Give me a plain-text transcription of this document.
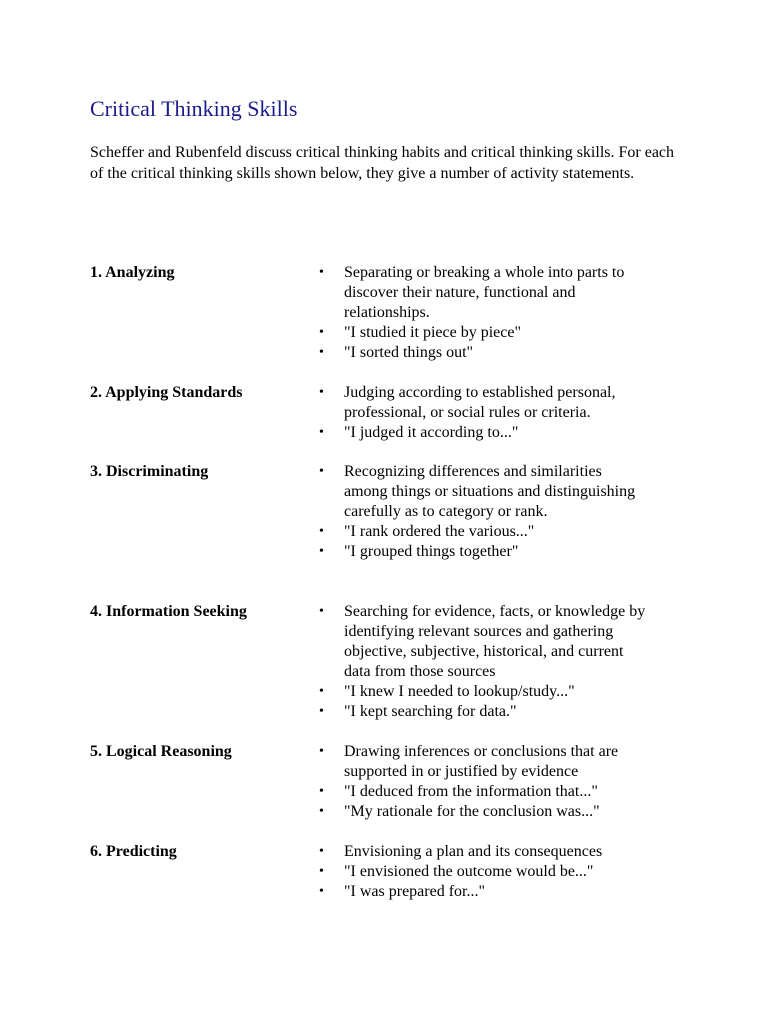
Critical Thinking Skills

Scheffer and Rubenfeld discuss critical thinking habits and critical thinking skills. For each of the critical thinking skills shown below, they give a number of activity statements.

1. Analyzing	•	Separating or breaking a whole into parts to discover their nature, functional and relationships.
•	"I studied it piece by piece"
•	"I sorted things out"
2. Applying Standards	•	Judging according to established personal, professional, or social rules or criteria.
•	"I judged it according to..."
3. Discriminating	•	Recognizing differences and similarities among things or situations and distinguishing carefully as to category or rank.
•	"I rank ordered the various..."
•	"I grouped things together"
4. Information Seeking	•	Searching for evidence, facts, or knowledge by identifying relevant sources and gathering objective, subjective, historical, and current data from those sources
•	"I knew I needed to lookup/study..."
•	"I kept searching for data."
5. Logical Reasoning	•	Drawing inferences or conclusions that are supported in or justified by evidence
•	"I deduced from the information that..."
•	"My rationale for the conclusion was..."
6. Predicting	•	Envisioning a plan and its consequences
•	"I envisioned the outcome would be..."
•	"I was prepared for..."
